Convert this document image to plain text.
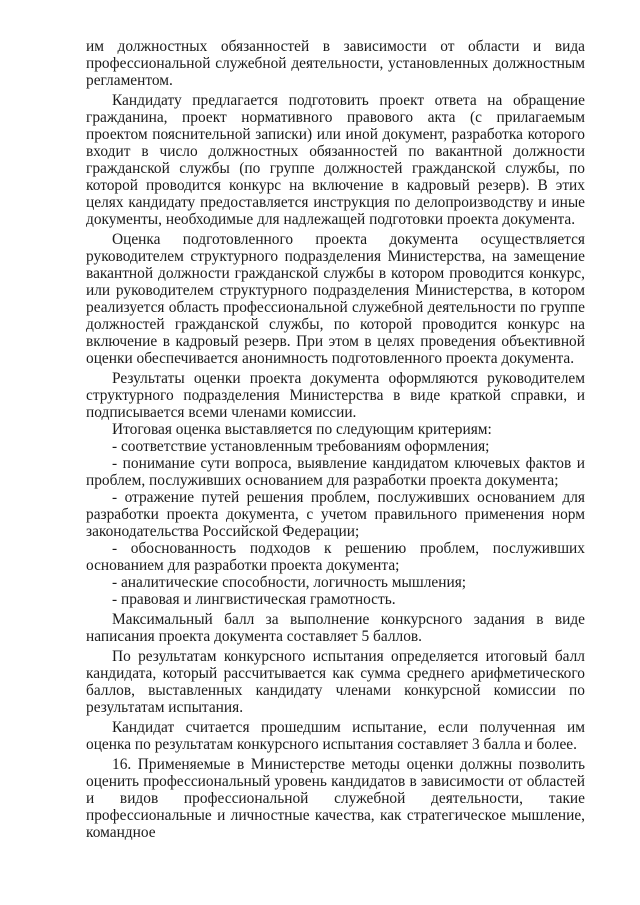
им должностных обязанностей в зависимости от области и вида профессиональной служебной деятельности, установленных должностным регламентом.

Кандидату предлагается подготовить проект ответа на обращение гражданина, проект нормативного правового акта (с прилагаемым проектом пояснительной записки) или иной документ, разработка которого входит в число должностных обязанностей по вакантной должности гражданской службы (по группе должностей гражданской службы, по которой проводится конкурс на включение в кадровый резерв). В этих целях кандидату предоставляется инструкция по делопроизводству и иные документы, необходимые для надлежащей подготовки проекта документа.

Оценка подготовленного проекта документа осуществляется руководителем структурного подразделения Министерства, на замещение вакантной должности гражданской службы в котором проводится конкурс, или руководителем структурного подразделения Министерства, в котором реализуется область профессиональной служебной деятельности по группе должностей гражданской службы, по которой проводится конкурс на включение в кадровый резерв. При этом в целях проведения объективной оценки обеспечивается анонимность подготовленного проекта документа.

Результаты оценки проекта документа оформляются руководителем структурного подразделения Министерства в виде краткой справки, и подписывается всеми членами комиссии.

Итоговая оценка выставляется по следующим критериям:

- соответствие установленным требованиям оформления;

- понимание сути вопроса, выявление кандидатом ключевых фактов и проблем, послуживших основанием для разработки проекта документа;

- отражение путей решения проблем, послуживших основанием для разработки проекта документа, с учетом правильного применения норм законодательства Российской Федерации;

- обоснованность подходов к решению проблем, послуживших основанием для разработки проекта документа;

- аналитические способности, логичность мышления;

- правовая и лингвистическая грамотность.

Максимальный балл за выполнение конкурсного задания в виде написания проекта документа составляет 5 баллов.

По результатам конкурсного испытания определяется итоговый балл кандидата, который рассчитывается как сумма среднего арифметического баллов, выставленных кандидату членами конкурсной комиссии по результатам испытания.

Кандидат считается прошедшим испытание, если полученная им оценка по результатам конкурсного испытания составляет 3 балла и более.

16. Применяемые в Министерстве методы оценки должны позволить оценить профессиональный уровень кандидатов в зависимости от областей и видов профессиональной служебной деятельности, такие профессиональные и личностные качества, как стратегическое мышление, командное
